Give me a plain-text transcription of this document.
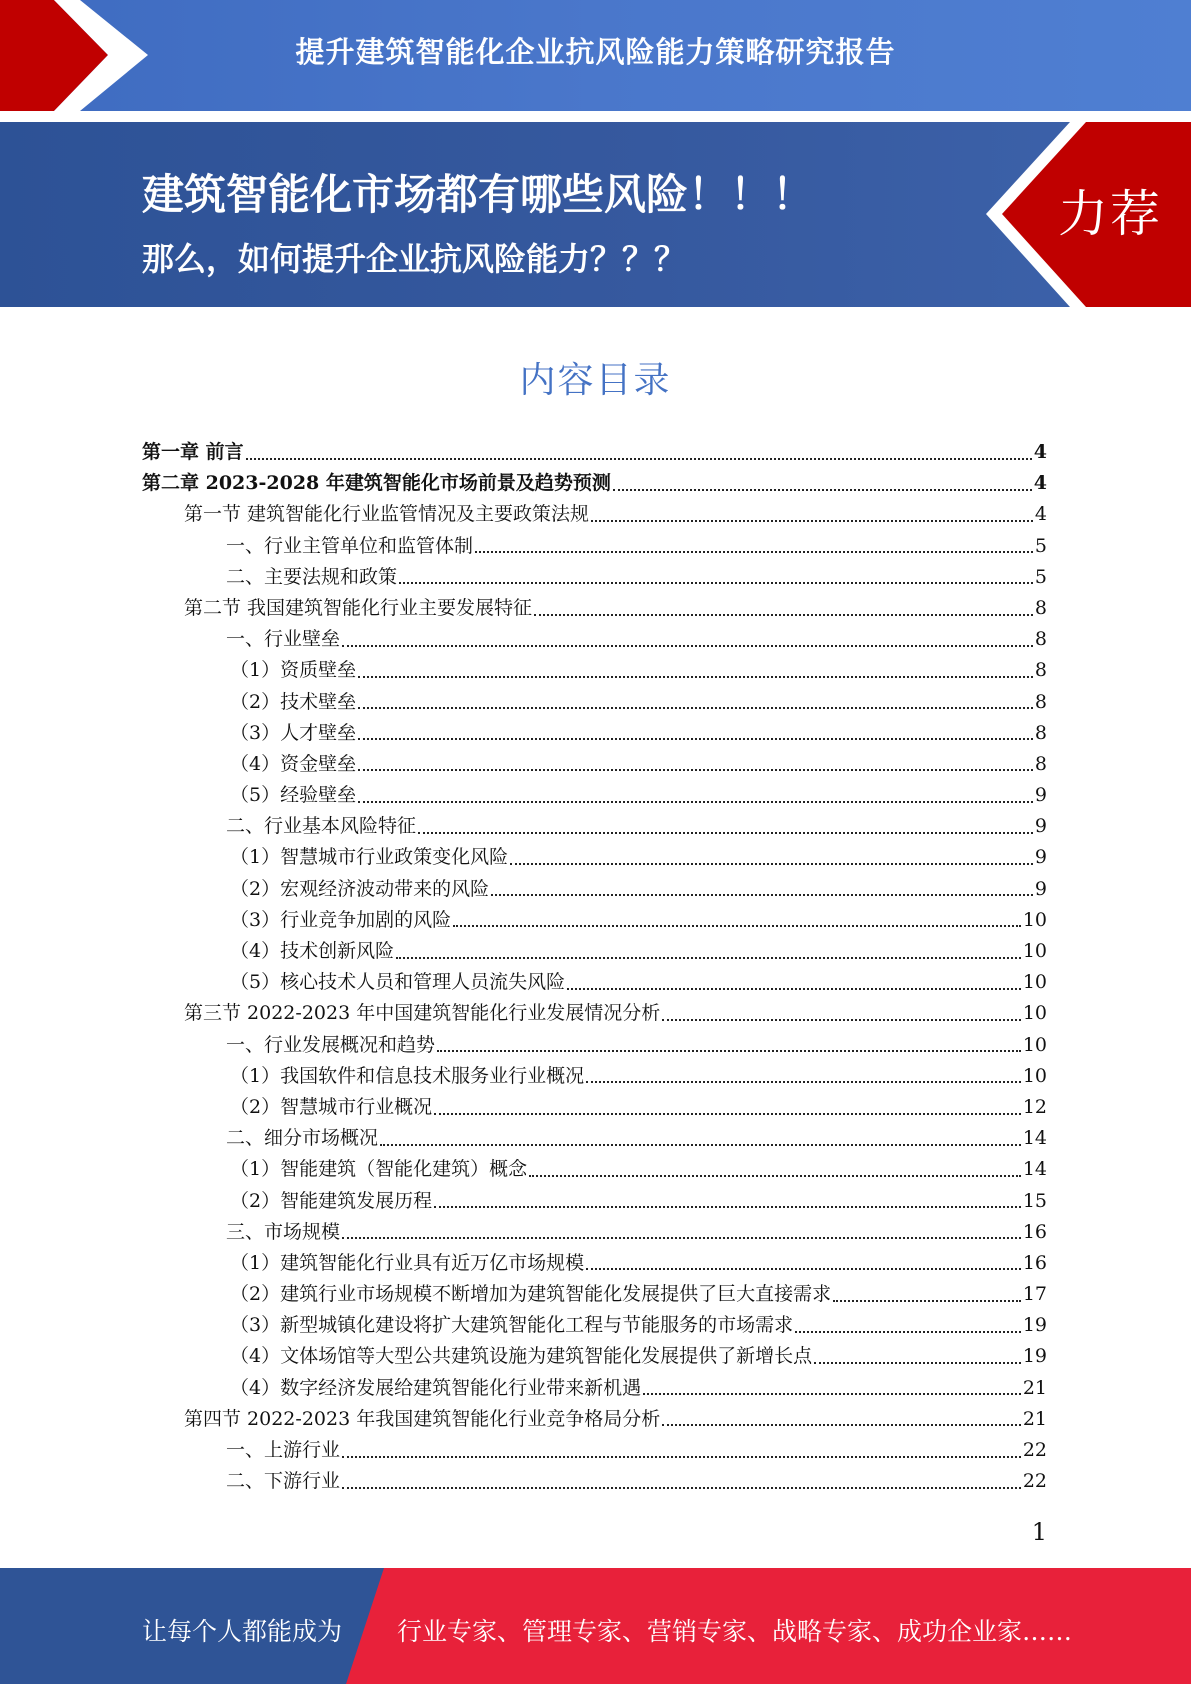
提升建筑智能化企业抗风险能力策略研究报告
建筑智能化市场都有哪些风险！！！
那么，如何提升企业抗风险能力？？？
力荐
内容目录
第一章 前言	4
第二章 2023-2028 年建筑智能化市场前景及趋势预测	4
第一节 建筑智能化行业监管情况及主要政策法规	4
一、行业主管单位和监管体制	5
二、主要法规和政策	5
第二节 我国建筑智能化行业主要发展特征	8
一、行业壁垒	8
（1）资质壁垒	8
（2）技术壁垒	8
（3）人才壁垒	8
（4）资金壁垒	8
（5）经验壁垒	9
二、行业基本风险特征	9
（1）智慧城市行业政策变化风险	9
（2）宏观经济波动带来的风险	9
（3）行业竞争加剧的风险	10
（4）技术创新风险	10
（5）核心技术人员和管理人员流失风险	10
第三节 2022-2023 年中国建筑智能化行业发展情况分析	10
一、行业发展概况和趋势	10
（1）我国软件和信息技术服务业行业概况	10
（2）智慧城市行业概况	12
二、细分市场概况	14
（1）智能建筑（智能化建筑）概念	14
（2）智能建筑发展历程	15
三、市场规模	16
（1）建筑智能化行业具有近万亿市场规模	16
（2）建筑行业市场规模不断增加为建筑智能化发展提供了巨大直接需求	17
（3）新型城镇化建设将扩大建筑智能化工程与节能服务的市场需求	19
（4）文体场馆等大型公共建筑设施为建筑智能化发展提供了新增长点	19
（4）数字经济发展给建筑智能化行业带来新机遇	21
第四节 2022-2023 年我国建筑智能化行业竞争格局分析	21
一、上游行业	22
二、下游行业	22
1
让每个人都能成为 行业专家、管理专家、营销专家、战略专家、成功企业家……
